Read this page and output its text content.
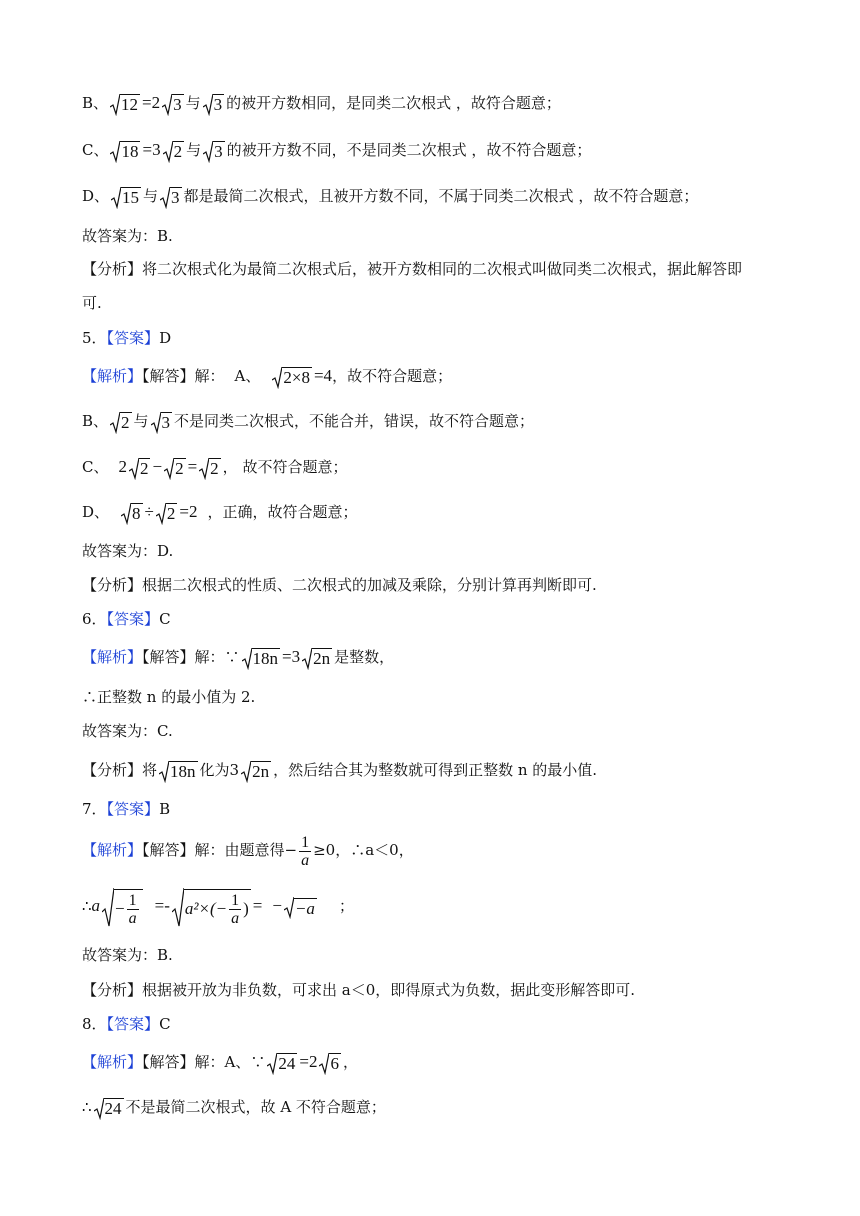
B、 12 =2 3 与 3 的被开方数相同，是同类二次根式 ，故符合题意；
C、 18 =3 2 与 3 的被开方数不同，不是同类二次根式 ，故不符合题意；
D、 15 与 3 都是最简二次根式，且被开方数不同，不属于同类二次根式 ，故不符合题意；
故答案为：B.
【分析】将二次根式化为最简二次根式后，被开方数相同的二次根式叫做同类二次根式，据此解答即
可.
5．【答案】D
【解析】【解答】解： A、 2×8 =4，故不符合题意；
B、 2 与 3 不是同类二次根式，不能合并，错误，故不符合题意；
C、 2 2 − 2 = 2 ， 故不符合题意；
D、 8 ÷ 2 =2 ，正确，故符合题意；
故答案为：D.
【分析】根据二次根式的性质、二次根式的加减及乘除，分别计算再判断即可.
6．【答案】C
【解析】【解答】解：∵ 18n =3 2n 是整数，
∴正整数 n 的最小值为 2.
故答案为：C.
【分析】将 18n 化为3 2n ，然后结合其为整数就可得到正整数 n 的最小值.
7．【答案】B
【解析】【解答】解：由题意得− $\frac{1}{a} \ge 0$，∴a＜0，
∴a − $\frac{1}{a} =- a^2\times(- \frac{1}{a}$ ) = − −a ；
故答案为：B.
【分析】根据被开放为非负数，可求出 a＜0，即得原式为负数，据此变形解答即可.
8．【答案】C
【解析】【解答】解：A、∵ 24 =2 6 ，
∴ 24 不是最简二次根式，故 A 不符合题意；
